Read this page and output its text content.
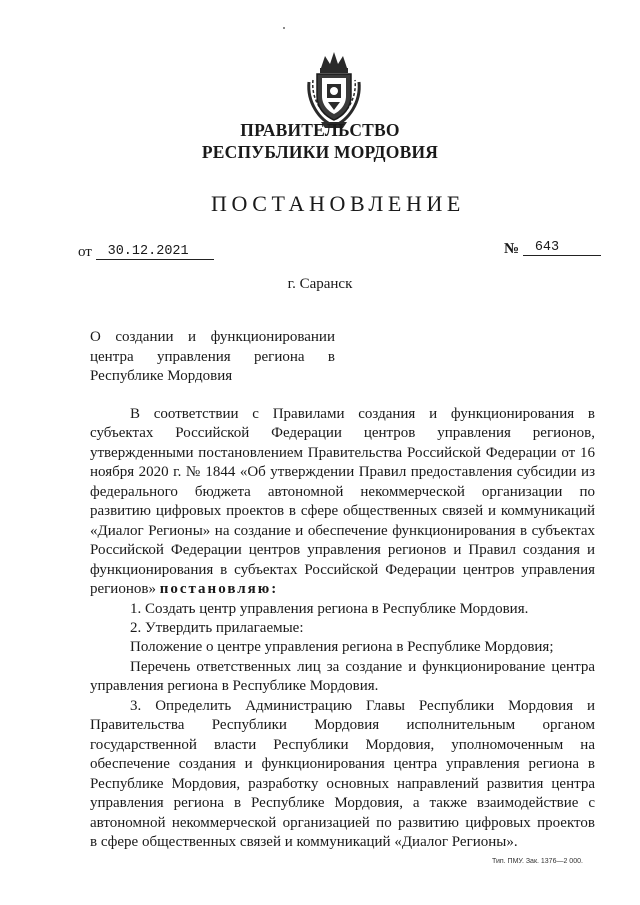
ПРАВИТЕЛЬСТВО
РЕСПУБЛИКИ МОРДОВИЯ
ПОСТАНОВЛЕНИЕ
от 30.12.2021	№ 643
г. Саранск
О создании и функционировании
центра управления региона в
Республике Мордовия
В соответствии с Правилами создания и функционирования в
субъектах Российской Федерации центров управления регионов,
утвержденными постановлением Правительства Российской Федерации от 16
ноября 2020 г. № 1844 «Об утверждении Правил предоставления субсидии из
федерального бюджета автономной некоммерческой организации по
развитию цифровых проектов в сфере общественных связей и коммуникаций
«Диалог Регионы» на создание и обеспечение функционирования в субъектах
Российской Федерации центров управления регионов и Правил создания и
функционирования в субъектах Российской Федерации центров управления
регионов» постановляю:
1. Создать центр управления региона в Республике Мордовия.
2. Утвердить прилагаемые:
Положение о центре управления региона в Республике Мордовия;
Перечень ответственных лиц за создание и функционирование центра
управления региона в Республике Мордовия.
3. Определить Администрацию Главы Республики Мордовия и
Правительства Республики Мордовия исполнительным органом
государственной власти Республики Мордовия, уполномоченным на
обеспечение создания и функционирования центра управления региона в
Республике Мордовия, разработку основных направлений развития центра
управления региона в Республике Мордовия, а также взаимодействие с
автономной некоммерческой организацией по развитию цифровых проектов
в сфере общественных связей и коммуникаций «Диалог Регионы».
Тип. ПМУ. Зак. 1376—2 000.
